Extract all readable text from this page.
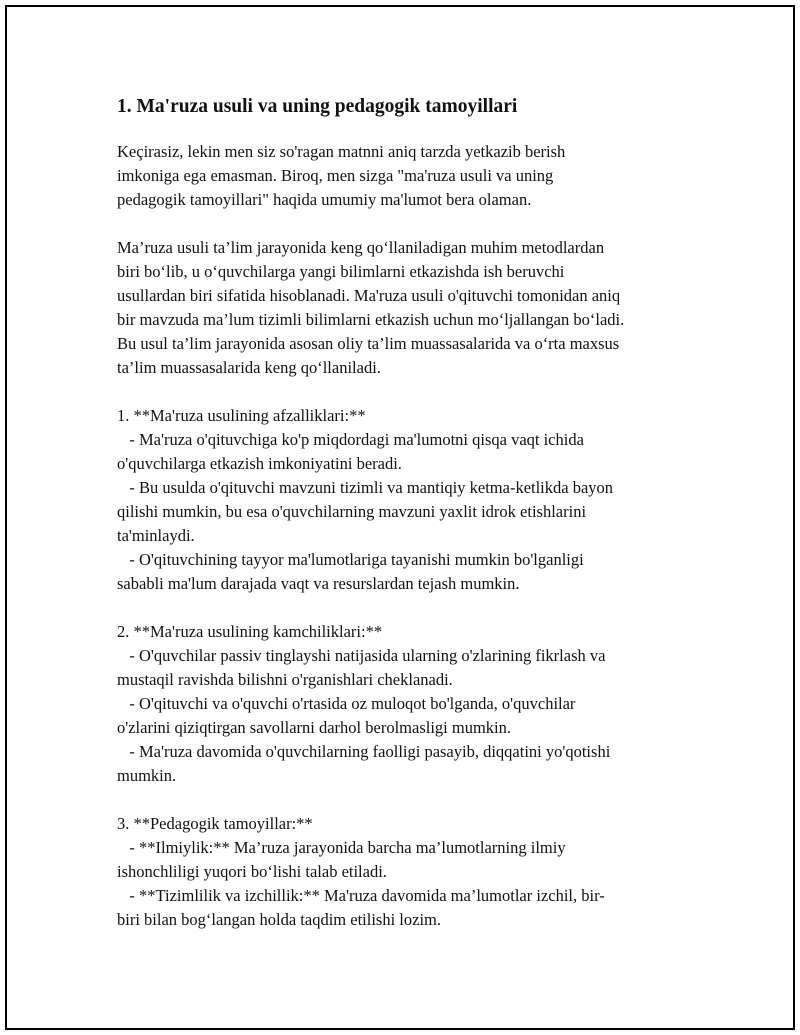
1. Ma'ruza usuli va uning pedagogik tamoyillari
Keçirasiz, lekin men siz so'ragan matnni aniq tarzda yetkazib berish
imkoniga ega emasman. Biroq, men sizga "ma'ruza usuli va uning
pedagogik tamoyillari" haqida umumiy ma'lumot bera olaman.
Ma’ruza usuli ta’lim jarayonida keng qo‘llaniladigan muhim metodlardan
biri bo‘lib, u o‘quvchilarga yangi bilimlarni etkazishda ish beruvchi
usullardan biri sifatida hisoblanadi. Ma'ruza usuli o'qituvchi tomonidan aniq
bir mavzuda ma’lum tizimli bilimlarni etkazish uchun mo‘ljallangan bo‘ladi.
Bu usul ta’lim jarayonida asosan oliy ta’lim muassasalarida va o‘rta maxsus
ta’lim muassasalarida keng qo‘llaniladi.
1. **Ma'ruza usulining afzalliklari:**
- Ma'ruza o'qituvchiga ko'p miqdordagi ma'lumotni qisqa vaqt ichida
o'quvchilarga etkazish imkoniyatini beradi.
- Bu usulda o'qituvchi mavzuni tizimli va mantiqiy ketma-ketlikda bayon
qilishi mumkin, bu esa o'quvchilarning mavzuni yaxlit idrok etishlarini
ta'minlaydi.
- O'qituvchining tayyor ma'lumotlariga tayanishi mumkin bo'lganligi
sababli ma'lum darajada vaqt va resurslardan tejash mumkin.
2. **Ma'ruza usulining kamchiliklari:**
- O'quvchilar passiv tinglayshi natijasida ularning o'zlarining fikrlash va
mustaqil ravishda bilishni o'rganishlari cheklanadi.
- O'qituvchi va o'quvchi o'rtasida oz muloqot bo'lganda, o'quvchilar
o'zlarini qiziqtirgan savollarni darhol berolmasligi mumkin.
- Ma'ruza davomida o'quvchilarning faolligi pasayib, diqqatini yo'qotishi
mumkin.
3. **Pedagogik tamoyillar:**
- **Ilmiylik:** Ma’ruza jarayonida barcha ma’lumotlarning ilmiy
ishonchliligi yuqori bo‘lishi talab etiladi.
- **Tizimlilik va izchillik:** Ma'ruza davomida ma’lumotlar izchil, bir-
biri bilan bog‘langan holda taqdim etilishi lozim.
